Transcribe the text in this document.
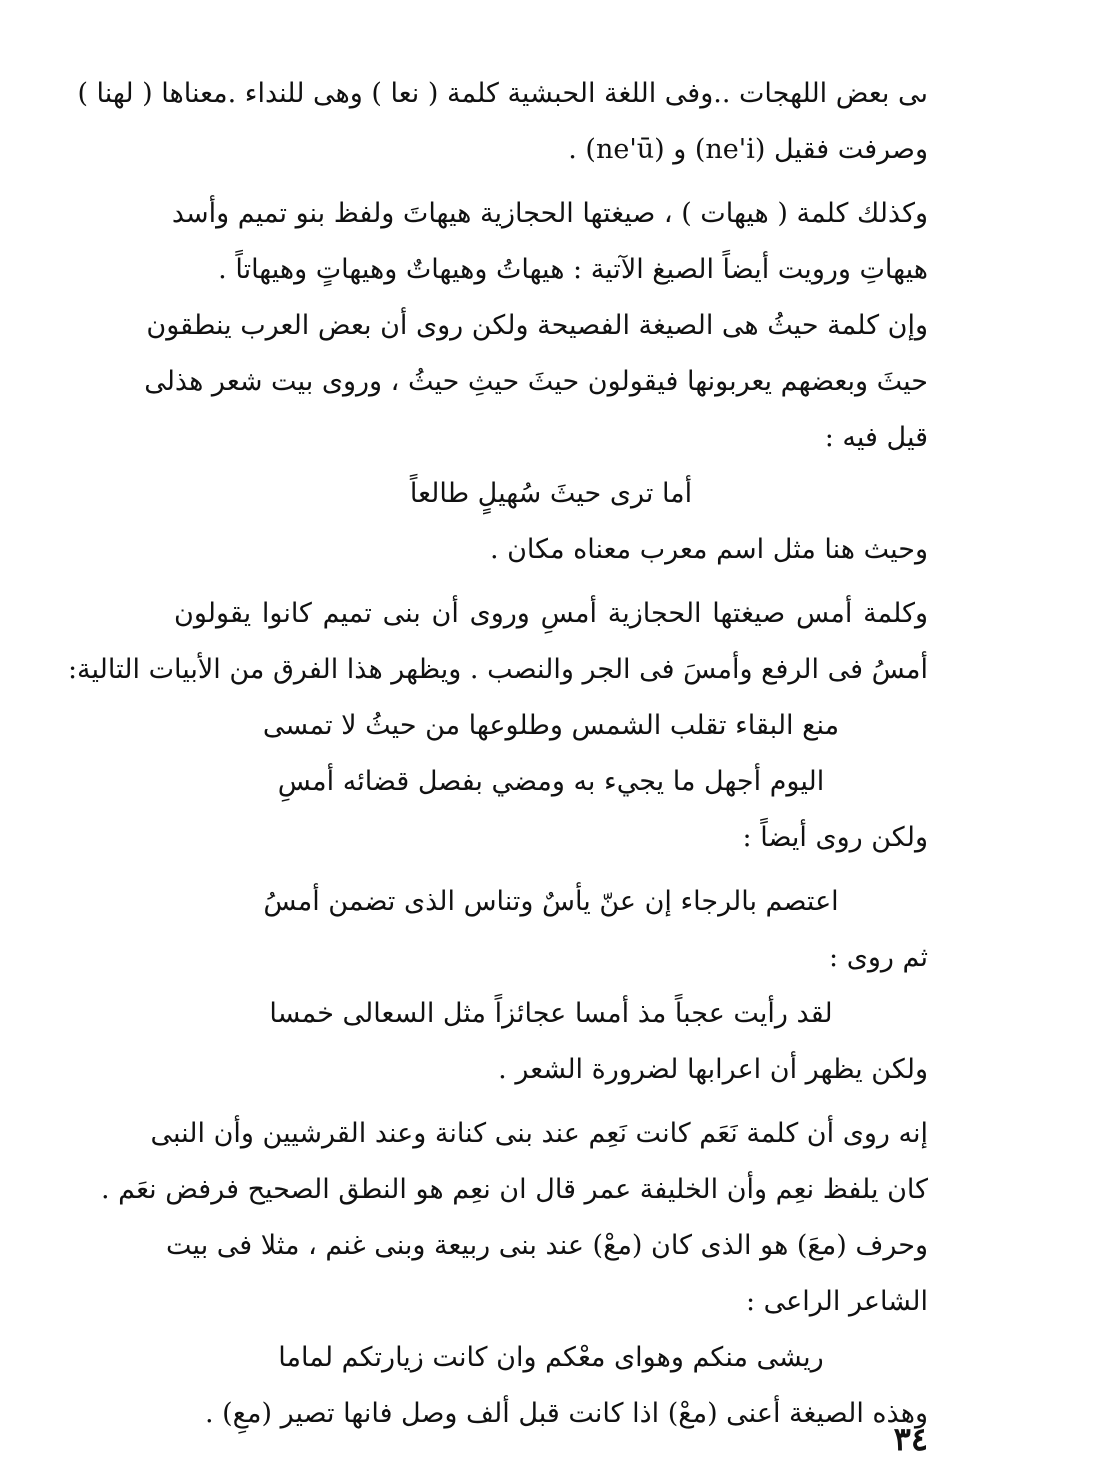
ىى بعض اللهجات ..وفى اللغة الحبشية كلمة ( نعا ) وهى للنداء .معناها ( لهنا )
وصرفت فقيل (ne'i) و (ne'ū) .
وكذلك كلمة ( هيهات ) ، صيغتها الحجازية هيهاتَ ولفظ بنو تميم وأسد
هيهاتِ ورويت أيضاً الصيغ الآتية : هيهاتُ وهيهاتٌ وهيهاتٍ وهيهاتاً .
وإن كلمة حيثُ هى الصيغة الفصيحة ولكن روى أن بعض العرب ينطقون
حيثَ وبعضهم يعربونها فيقولون حيثَ حيثِ حيثُ ، وروى بيت شعر هذلى
قيل فيه :
أما ترى حيثَ سُهيلٍ طالعاً
وحيث هنا مثل اسم معرب معناه مكان .
وكلمة أمس صيغتها الحجازية أمسِ وروى أن بنى تميم كانوا يقولون
أمسُ فى الرفع وأمسَ فى الجر والنصب . ويظهر هذا الفرق من الأبيات التالية:
منع البقاء تقلب الشمس وطلوعها من حيثُ لا تمسى
اليوم أجهل ما يجيء به ومضي بفصل قضائه أمسِ
ولكن روى أيضاً :
اعتصم بالرجاء إن عنّ يأسٌ وتناس الذى تضمن أمسُ
ثم روى :
لقد رأيت عجباً مذ أمسا عجائزاً مثل السعالى خمسا
ولكن يظهر أن اعرابها لضرورة الشعر .
إنه روى أن كلمة نَعَم كانت نَعِم عند بنى كنانة وعند القرشيين وأن النبى
كان يلفظ نعِم وأن الخليفة عمر قال ان نعِم هو النطق الصحيح فرفض نعَم .
وحرف (معَ) هو الذى كان (معْ) عند بنى ربيعة وبنى غنم ، مثلا فى بيت
الشاعر الراعى :
ريشى منكم وهواى معْكم وان كانت زيارتكم لماما
وهذه الصيغة أعنى (معْ) اذا كانت قبل ألف وصل فانها تصير (معِ) .
٣٤
